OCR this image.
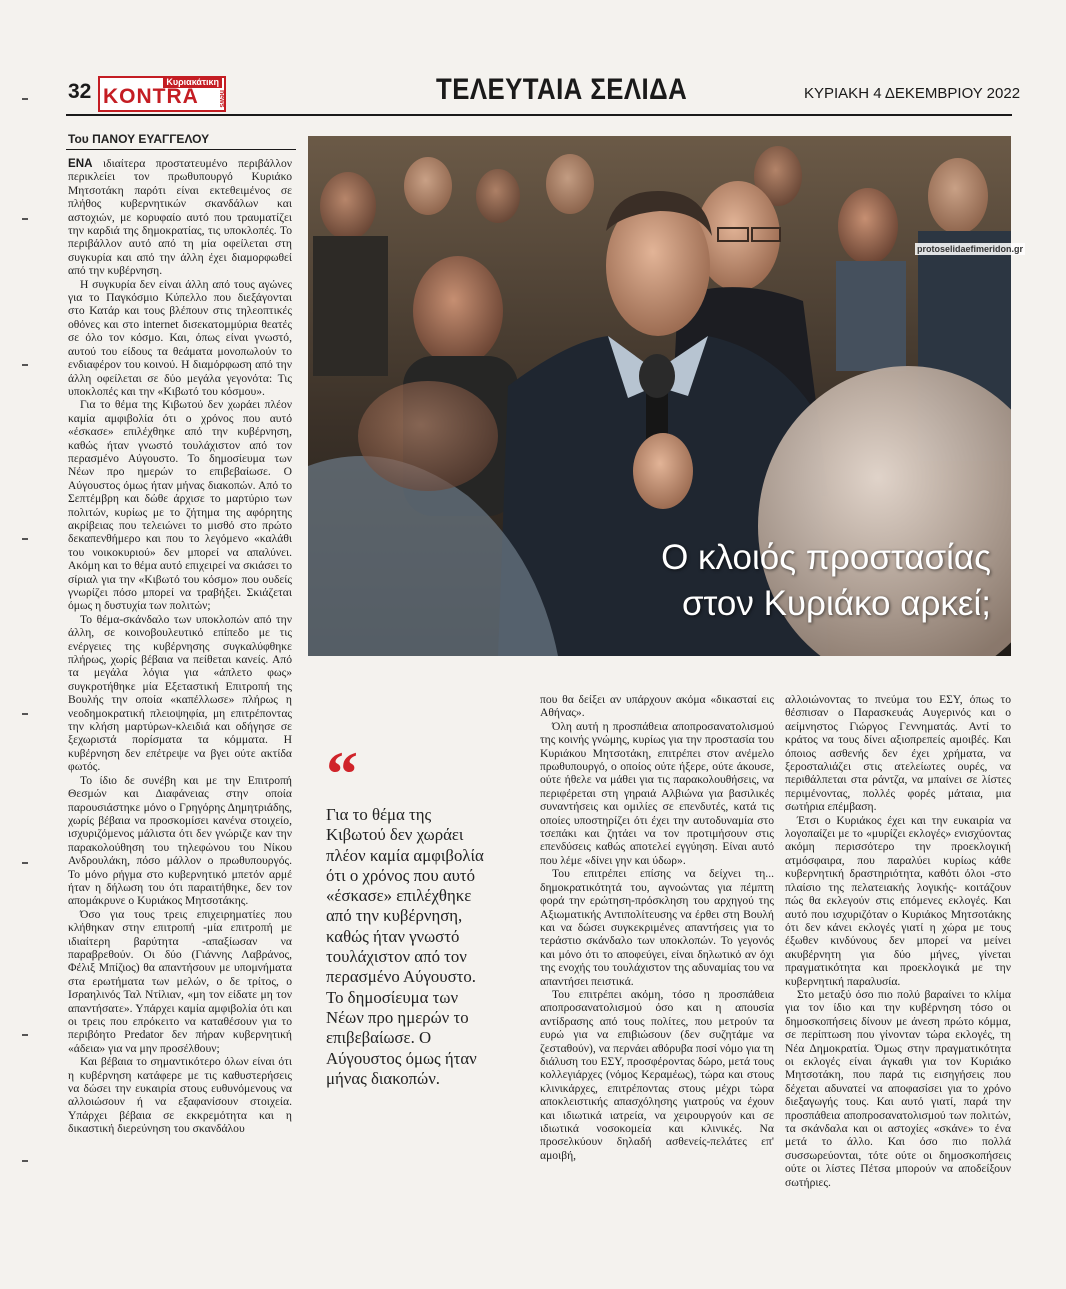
32	Κυριακάτικη
KONTRA	news	ΤΕΛΕΥΤΑΙΑ ΣΕΛΙΔΑ	ΚΥΡΙΑΚΗ 4 ΔΕΚΕΜΒΡΙΟΥ 2022
Του ΠΑΝΟΥ ΕΥΑΓΓΕΛΟΥ

ΕΝΑ ιδιαίτερα προστατευμένο περιβάλλον περικλείει τον πρωθυπουργό Κυριάκο Μητσοτάκη παρότι είναι εκτεθειμένος σε πλήθος κυβερνητικών σκανδάλων και αστοχιών, με κορυφαίο αυτό που τραυματίζει την καρδιά της δημοκρατίας, τις υποκλοπές. Το περιβάλλον αυτό από τη μία οφείλεται στη συγκυρία και από την άλλη έχει διαμορφωθεί από την κυβέρνηση.

Η συγκυρία δεν είναι άλλη από τους αγώνες για το Παγκόσμιο Κύπελλο που διεξάγονται στο Κατάρ και τους βλέπουν στις τηλεοπτικές οθόνες και στο internet δισεκατομμύρια θεατές σε όλο τον κόσμο. Και, όπως είναι γνωστό, αυτού του είδους τα θεάματα μονοπωλούν το ενδιαφέρον του κοινού. Η διαμόρφωση από την άλλη οφείλεται σε δύο μεγάλα γεγονότα: Τις υποκλοπές και την «Κιβωτό του κόσμου».

Για το θέμα της Κιβωτού δεν χωράει πλέον καμία αμφιβολία ότι ο χρόνος που αυτό «έσκασε» επιλέχθηκε από την κυβέρνηση, καθώς ήταν γνωστό τουλάχιστον από τον περασμένο Αύγουστο. Το δημοσίευμα των Νέων προ ημερών το επιβεβαίωσε. Ο Αύγουστος όμως ήταν μήνας διακοπών. Από το Σεπτέμβρη και δώθε άρχισε το μαρτύριο των πολιτών, κυρίως με το ζήτημα της αφόρητης ακρίβειας που τελειώνει το μισθό στο πρώτο δεκαπενθήμερο και που το λεγόμενο «καλάθι του νοικοκυριού» δεν μπορεί να απαλύνει. Ακόμη και το θέμα αυτό επιχειρεί να σκιάσει το σίριαλ για την «Κιβωτό του κόσμο» που ουδείς γνωρίζει πόσο μπορεί να τραβήξει. Σκιάζεται όμως η δυστυχία των πολιτών;

Το θέμα-σκάνδαλο των υποκλοπών από την άλλη, σε κοινοβουλευτικό επίπεδο με τις ενέργειες της κυβέρνησης συγκαλύφθηκε πλήρως, χωρίς βέβαια να πείθεται κανείς. Από τα μεγάλα λόγια για «άπλετο φως» συγκροτήθηκε μία Εξεταστική Επιτροπή της Βουλής την οποία «καπέλλωσε» πλήρως η νεοδημοκρατική πλειοψηφία, μη επιτρέποντας την κλήση μαρτύρων-κλειδιά και οδήγησε σε ξεχωριστά πορίσματα τα κόμματα. Η κυβέρνηση δεν επέτρεψε να βγει ούτε ακτίδα φωτός.

Το ίδιο δε συνέβη και με την Επιτροπή Θεσμών και Διαφάνειας στην οποία παρουσιάστηκε μόνο ο Γρηγόρης Δημητριάδης, χωρίς βέβαια να προσκομίσει κανένα στοιχείο, ισχυριζόμενος μάλιστα ότι δεν γνώριζε καν την παρακολούθηση του τηλεφώνου του Νίκου Ανδρουλάκη, πόσο μάλλον ο πρωθυπουργός. Το μόνο ρήγμα στο κυβερνητικό μπετόν αρμέ ήταν η δήλωση του ότι παραιτήθηκε, δεν τον απομάκρυνε ο Κυριάκος Μητσοτάκης.

Όσο για τους τρεις επιχειρηματίες που κλήθηκαν στην επιτροπή -μία επιτροπή με ιδιαίτερη βαρύτητα -απαξίωσαν να παραβρεθούν. Οι δύο (Γιάννης Λαβράνος, Φέλιξ Μπίζιος) θα απαντήσουν με υπομνήματα στα ερωτήματα των μελών, ο δε τρίτος, ο Ισραηλινός Ταλ Ντίλιαν, «μη τον είδατε μη τον απαντήσατε». Υπάρχει καμία αμφιβολία ότι και οι τρεις που επρόκειτο να καταθέσουν για το περιβόητο Predator δεν πήραν κυβερνητική «άδεια» για να μην προσέλθουν;

Και βέβαια το σημαντικότερο όλων είναι ότι η κυβέρνηση κατάφερε με τις καθυστερήσεις να δώσει την ευκαιρία στους ευθυνόμενους να αλλοιώσουν ή να εξαφανίσουν στοιχεία. Υπάρχει βέβαια σε εκκρεμότητα και η δικαστική διερεύνηση του σκανδάλου

Ο κλοιός προστασίας
στον Κυριάκο αρκεί;
protoselidaefimeridon.gr
“
Για το θέμα της Κιβωτού δεν χωράει πλέον καμία αμφιβολία ότι ο χρόνος που αυτό «έσκασε» επιλέχθηκε από την κυβέρνηση, καθώς ήταν γνωστό τουλάχιστον από τον περασμένο Αύγουστο. Το δημοσίευμα των Νέων προ ημερών το επιβεβαίωσε. Ο Αύγουστος όμως ήταν μήνας διακοπών.

που θα δείξει αν υπάρχουν ακόμα «δικασταί εις Αθήνας».

Όλη αυτή η προσπάθεια αποπροσανατολισμού της κοινής γνώμης, κυρίως για την προστασία του Κυριάκου Μητσοτάκη, επιτρέπει στον ανέμελο πρωθυπουργό, ο οποίος ούτε ήξερε, ούτε άκουσε, ούτε ήθελε να μάθει για τις παρακολουθήσεις, να περιφέρεται στη γηραιά Αλβιώνα για βασιλικές συναντήσεις και ομιλίες σε επενδυτές, κατά τις οποίες υποστηρίζει ότι έχει την αυτοδυναμία στο τσεπάκι και ζητάει να τον προτιμήσουν στις επενδύσεις καθώς αποτελεί εγγύηση. Είναι αυτό που λέμε «δίνει γην και ύδωρ».

Του επιτρέπει επίσης να δείχνει τη... δημοκρατικότητά του, αγνοώντας για πέμπτη φορά την ερώτηση-πρόσκληση του αρχηγού της Αξιωματικής Αντιπολίτευσης να έρθει στη Βουλή και να δώσει συγκεκριμένες απαντήσεις για το τεράστιο σκάνδαλο των υποκλοπών. Το γεγονός και μόνο ότι το αποφεύγει, είναι δηλωτικό αν όχι της ενοχής του τουλάχιστον της αδυναμίας του να απαντήσει πειστικά.

Του επιτρέπει ακόμη, τόσο η προσπάθεια αποπροσανατολισμού όσο και η απουσία αντίδρασης από τους πολίτες, που μετρούν τα ευρώ για να επιβιώσουν (δεν συζητάμε να ζεσταθούν), να περνάει αθόρυβα ποσί νόμο για τη διάλυση του ΕΣΥ, προσφέροντας δώρο, μετά τους κολλεγιάρχες (νόμος Κεραμέως), τώρα και στους κλινικάρχες, επιτρέποντας στους μέχρι τώρα αποκλειστικής απασχόλησης γιατρούς να έχουν και ιδιωτικά ιατρεία, να χειρουργούν και σε ιδιωτικά νοσοκομεία και κλινικές. Να προσελκύουν δηλαδή ασθενείς-πελάτες επ' αμοιβή,

αλλοιώνοντας το πνεύμα του ΕΣΥ, όπως το θέσπισαν ο Παρασκευάς Αυγερινός και ο αείμνηστος Γιώργος Γεννηματάς. Αντί το κράτος να τους δίνει αξιοπρεπείς αμοιβές. Και όποιος ασθενής δεν έχει χρήματα, να ξεροσταλιάζει στις ατελείωτες ουρές, να περιθάλπεται στα ράντζα, να μπαίνει σε λίστες περιμένοντας, πολλές φορές μάταια, μια σωτήρια επέμβαση.

Έτσι ο Κυριάκος έχει και την ευκαιρία να λογοπαίζει με το «μυρίζει εκλογές» ενισχύοντας ακόμη περισσότερο την προεκλογική ατμόσφαιρα, που παραλύει κυρίως κάθε κυβερνητική δραστηριότητα, καθότι όλοι -στο πλαίσιο της πελατειακής λογικής- κοιτάζουν πώς θα εκλεγούν στις επόμενες εκλογές. Και αυτό που ισχυριζόταν ο Κυριάκος Μητσοτάκης ότι δεν κάνει εκλογές γιατί η χώρα με τους έξωθεν κινδύνους δεν μπορεί να μείνει ακυβέρνητη για δύο μήνες, γίνεται πραγματικότητα και προεκλογικά με την κυβερνητική παραλυσία.

Στο μεταξύ όσο πιο πολύ βαραίνει το κλίμα για τον ίδιο και την κυβέρνηση τόσο οι δημοσκοπήσεις δίνουν με άνεση πρώτο κόμμα, σε περίπτωση που γίνονταν τώρα εκλογές, τη Νέα Δημοκρατία. Όμως στην πραγματικότητα οι εκλογές είναι άγκαθι για τον Κυριάκο Μητσοτάκη, που παρά τις εισηγήσεις που δέχεται αδυνατεί να αποφασίσει για το χρόνο διεξαγωγής τους. Και αυτό γιατί, παρά την προσπάθεια αποπροσανατολισμού των πολιτών, τα σκάνδαλα και οι αστοχίες «σκάνε» το ένα μετά το άλλο. Και όσο πιο πολλά συσσωρεύονται, τότε ούτε οι δημοσκοπήσεις ούτε οι λίστες Πέτσα μπορούν να αποδείξουν σωτήριες.
